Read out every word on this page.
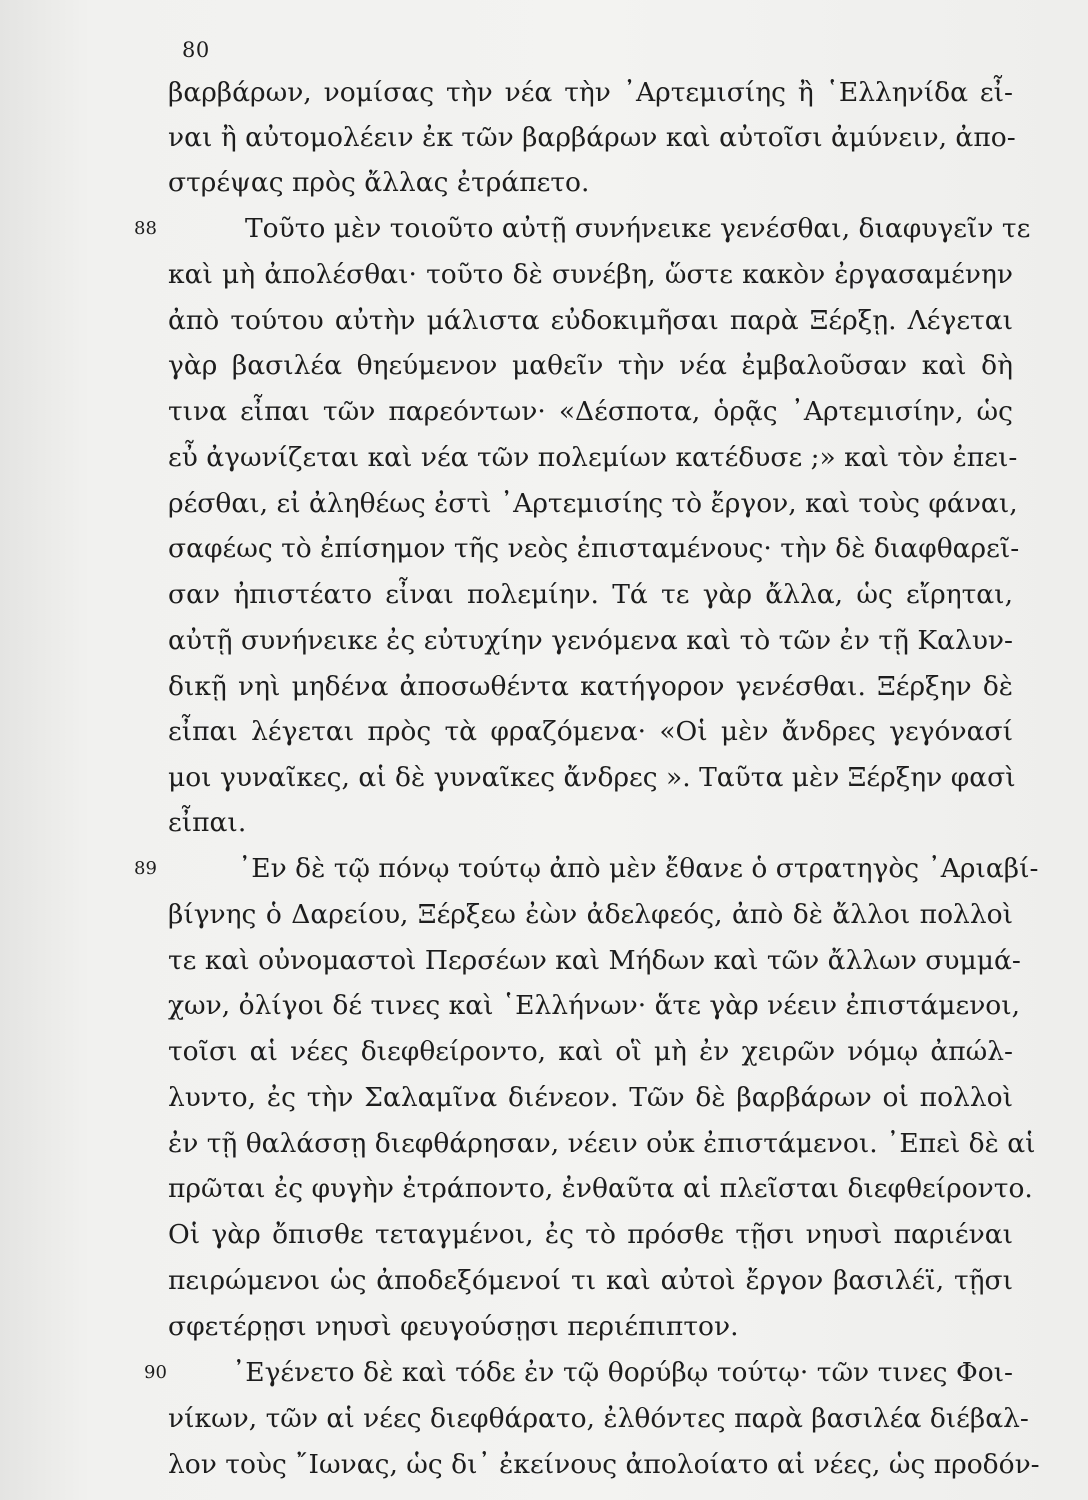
80
88
89
90
βαρβάρων, νομίσας τὴν νέα τὴν ᾿Αρτεμισίης ἢ ῾Ελληνίδα εἶ-
ναι ἢ αὐτομολέειν ἐκ τῶν βαρβάρων καὶ αὐτοῖσι ἀμύνειν, ἀπο-
στρέψας πρὸς ἄλλας ἐτράπετο.
Τοῦτο μὲν τοιοῦτο αὐτῇ συνήνεικε γενέσθαι, διαφυγεῖν τε
καὶ μὴ ἀπολέσθαι· τοῦτο δὲ συνέβη, ὥστε κακὸν ἐργασαμένην
ἀπὸ τούτου αὐτὴν μάλιστα εὐδοκιμῆσαι παρὰ Ξέρξῃ. Λέγεται
γὰρ βασιλέα θηεύμενον μαθεῖν τὴν νέα ἐμβαλοῦσαν καὶ δὴ
τινα εἶπαι τῶν παρεόντων· «Δέσποτα, ὁρᾷς ᾿Αρτεμισίην, ὡς
εὖ ἀγωνίζεται καὶ νέα τῶν πολεμίων κατέδυσε ;» καὶ τὸν ἐπει-
ρέσθαι, εἰ ἀληθέως ἐστὶ ᾿Αρτεμισίης τὸ ἔργον, καὶ τοὺς φάναι,
σαφέως τὸ ἐπίσημον τῆς νεὸς ἐπισταμένους· τὴν δὲ διαφθαρεῖ-
σαν ἠπιστέατο εἶναι πολεμίην. Τά τε γὰρ ἄλλα, ὡς εἴρηται,
αὐτῇ συνήνεικε ἐς εὐτυχίην γενόμενα καὶ τὸ τῶν ἐν τῇ Καλυν-
δικῇ νηὶ μηδένα ἀποσωθέντα κατήγορον γενέσθαι. Ξέρξην δὲ
εἶπαι λέγεται πρὸς τὰ φραζόμενα· «Οἱ μὲν ἄνδρες γεγόνασί
μοι γυναῖκες, αἱ δὲ γυναῖκες ἄνδρες ». Ταῦτα μὲν Ξέρξην φασὶ
εἶπαι.
᾿Εν δὲ τῷ πόνῳ τούτῳ ἀπὸ μὲν ἔθανε ὁ στρατηγὸς ᾿Αριαβί-
βίγνης ὁ Δαρείου, Ξέρξεω ἐὼν ἀδελφεός, ἀπὸ δὲ ἄλλοι πολλοὶ
τε καὶ οὐνομαστοὶ Περσέων καὶ Μήδων καὶ τῶν ἄλλων συμμά-
χων, ὀλίγοι δέ τινες καὶ ῾Ελλήνων· ἅτε γὰρ νέειν ἐπιστάμενοι,
τοῖσι αἱ νέες διεφθείροντο, καὶ οἳ μὴ ἐν χειρῶν νόμῳ ἀπώλ-
λυντο, ἐς τὴν Σαλαμῖνα διένεον. Τῶν δὲ βαρβάρων οἱ πολλοὶ
ἐν τῇ θαλάσσῃ διεφθάρησαν, νέειν οὐκ ἐπιστάμενοι. ᾿Επεὶ δὲ αἱ
πρῶται ἐς φυγὴν ἐτράποντο, ἐνθαῦτα αἱ πλεῖσται διεφθείροντο.
Οἱ γὰρ ὄπισθε τεταγμένοι, ἐς τὸ πρόσθε τῇσι νηυσὶ παριέναι
πειρώμενοι ὡς ἀποδεξόμενοί τι καὶ αὐτοὶ ἔργον βασιλέϊ, τῇσι
σφετέρῃσι νηυσὶ φευγούσῃσι περιέπιπτον.
᾿Εγένετο δὲ καὶ τόδε ἐν τῷ θορύβῳ τούτῳ· τῶν τινες Φοι-
νίκων, τῶν αἱ νέες διεφθάρατο, ἐλθόντες παρὰ βασιλέα διέβαλ-
λον τοὺς ῎Ιωνας, ὡς δι᾽ ἐκείνους ἀπολοίατο αἱ νέες, ὡς προδόν-
